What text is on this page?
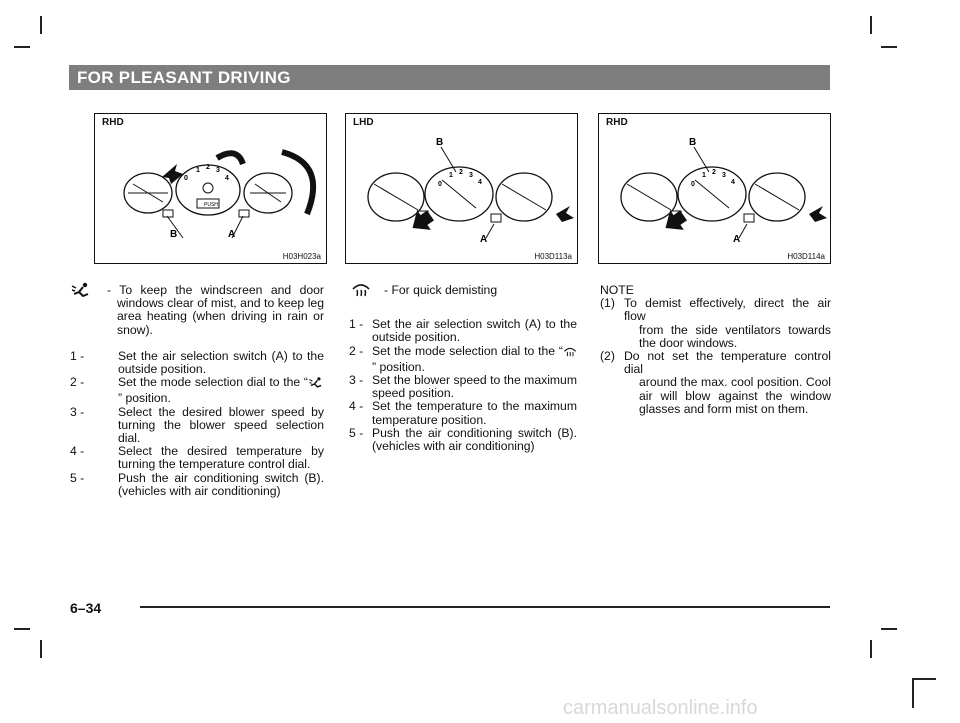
FOR PLEASANT DRIVING
RHD
PUSH
0
1 2 3
4
B	A
H03H023a
LHD
0
1 2 3
4
B
A
H03D113a
RHD
0
1 2 3
4
B
A
H03D114a
- To keep the windscreen and door windows clear of mist, and to keep leg area heating (when driving in rain or snow).
1 -	Set the air selection switch (A) to the outside position.
2 -	Set the mode selection dial to the “” position.
3 -	Select the desired blower speed by turning the blower speed selection dial.
4 -	Select the desired temperature by turning the temperature control dial.
5 -	Push the air conditioning switch (B). (vehicles with air conditioning)
- For quick demisting
1 - Set the air selection switch (A) to the outside position.
2 - Set the mode selection dial to the “” position.
3 - Set the blower speed to the maximum speed position.
4 - Set the temperature to the maximum temperature position.
5 - Push the air conditioning switch (B). (vehicles with air conditioning)
NOTE
(1) To demist effectively, direct the air flow
from the side ventilators towards the door windows.
(2) Do not set the temperature control dial
around the max. cool position. Cool air will blow against the window glasses and form mist on them.
6–34
carmanualsonline.info
